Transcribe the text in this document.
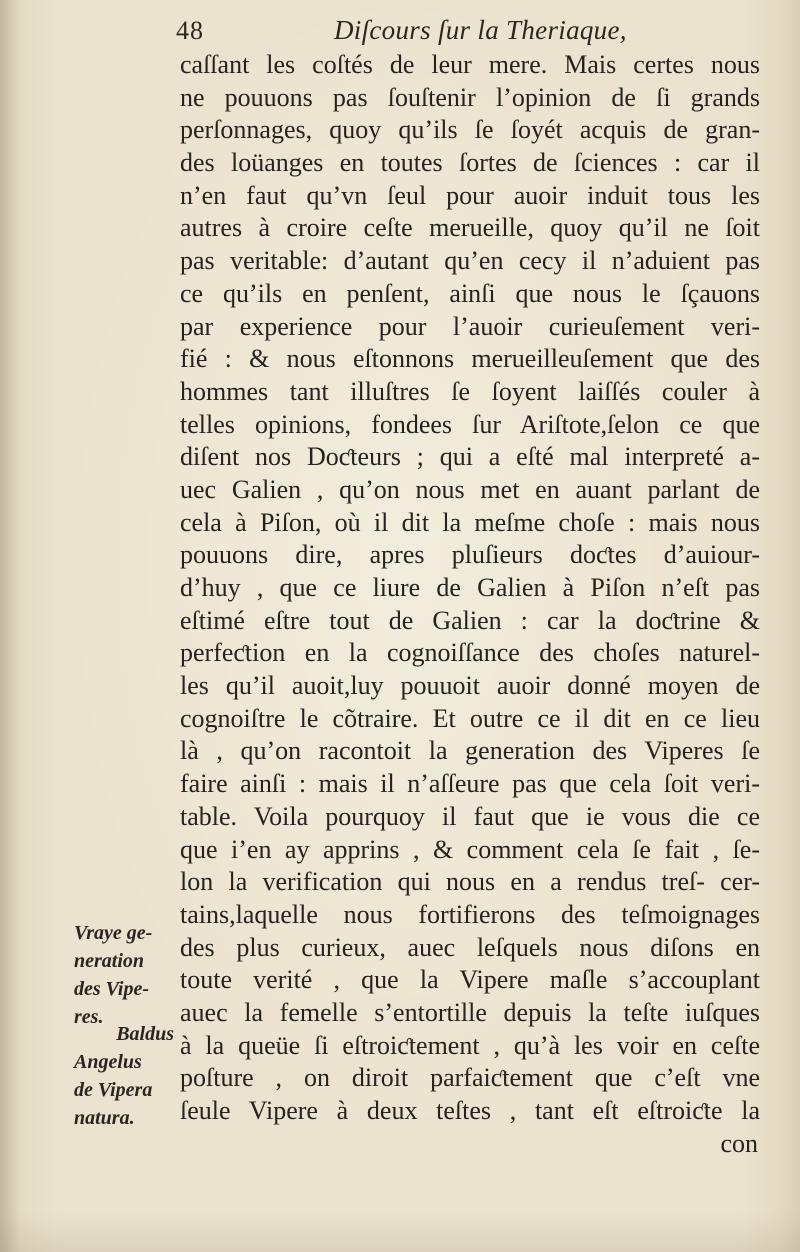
48	Diſcours ſur la Theriaque,
caſſant les coſtés de leur mere. Mais certes nous
ne pouuons pas ſouſtenir l’opinion de ſi grands
perſonnages, quoy qu’ils ſe ſoyét acquis de gran-
des loüanges en toutes ſortes de ſciences : car il
n’en faut qu’vn ſeul pour auoir induit tous les
autres à croire ceſte merueille, quoy qu’il ne ſoit
pas veritable: d’autant qu’en cecy il n’aduient pas
ce qu’ils en penſent, ainſi que nous le ſçauons
par experience pour l’auoir curieuſement veri-
fié : & nous eſtonnons merueilleuſement que des
hommes tant illuſtres ſe ſoyent laiſſés couler à
telles opinions, fondees ſur Ariſtote,ſelon ce que
diſent nos Doƈteurs ; qui a eſté mal interpreté a-
uec Galien , qu’on nous met en auant parlant de
cela à Piſon, où il dit la meſme choſe : mais nous
pouuons dire, apres pluſieurs doƈtes d’auiour-
d’huy , que ce liure de Galien à Piſon n’eſt pas
eſtimé eſtre tout de Galien : car la doƈtrine &
perfeƈtion en la cognoiſſance des choſes naturel-
les qu’il auoit,luy pouuoit auoir donné moyen de
cognoiſtre le cõtraire. Et outre ce il dit en ce lieu
là , qu’on racontoit la generation des Viperes ſe
faire ainſi : mais il n’aſſeure pas que cela ſoit veri-
table. Voila pourquoy il faut que ie vous die ce
que i’en ay apprins , & comment cela ſe fait , ſe-
lon la verification qui nous en a rendus treſ- cer-
tains,laquelle nous fortifierons des teſmoignages
des plus curieux, auec leſquels nous diſons en
toute verité , que la Vipere maſle s’accouplant
auec la femelle s’entortille depuis la teſte iuſques
à la queüe ſi eſtroiƈtement , qu’à les voir en ceſte
poſture , on diroit parfaiƈtement que c’eſt vne
ſeule Vipere à deux teſtes , tant eſt eſtroiƈte la
con
Vraye ge-
neration
des Vipe-
res.
Baldus
Angelus
de Vipera
natura.
